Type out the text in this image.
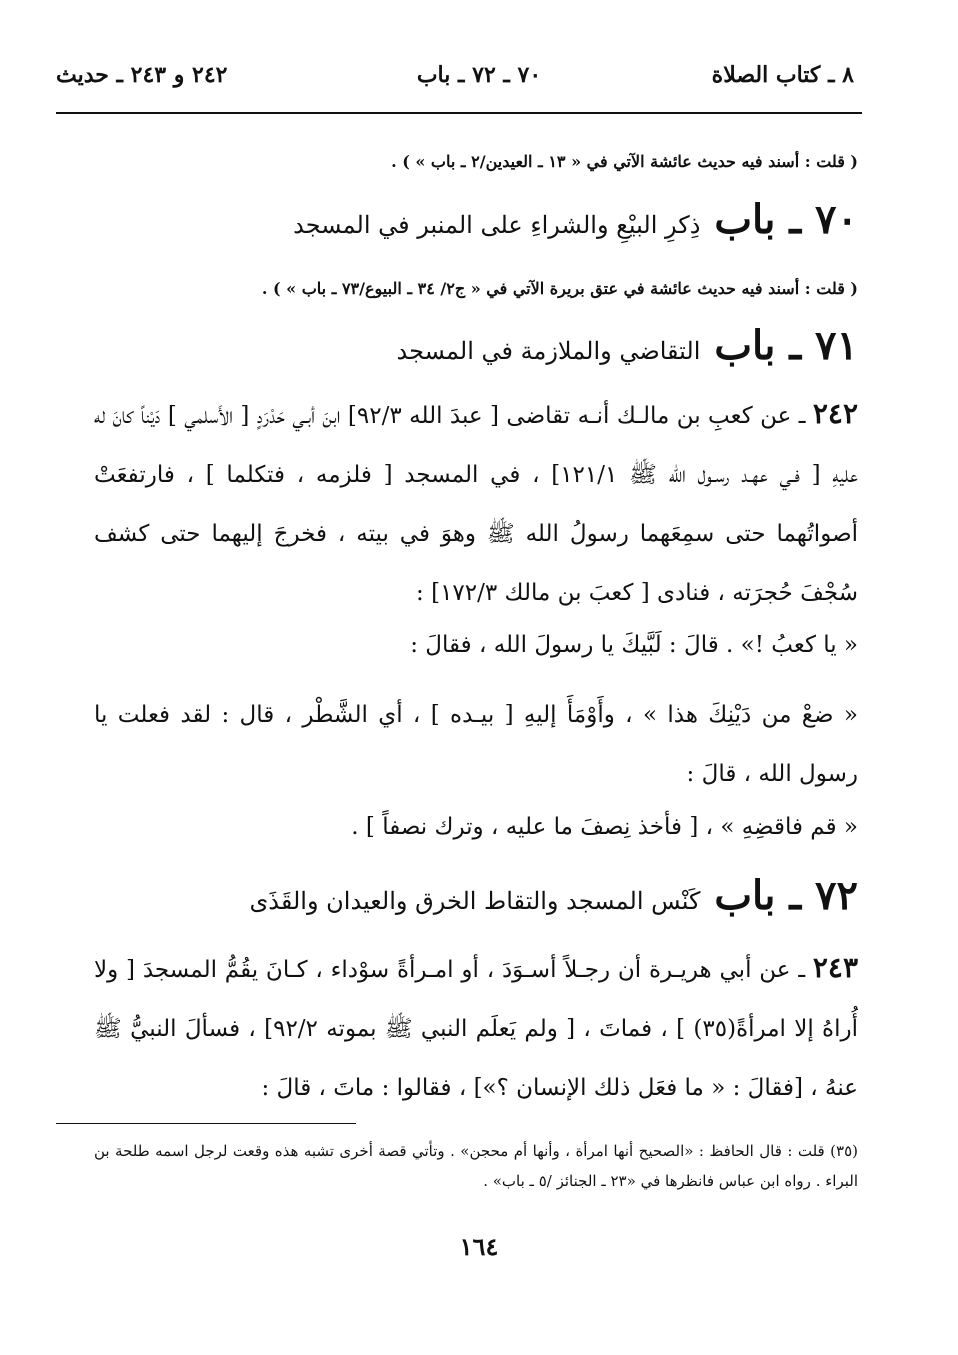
٨ ـ كتاب الصلاة
٧٠ ـ ٧٢ ـ باب
٢٤٢ و ٢٤٣ ـ حديث
( قلت : أسند فيه حديث عائشة الآتي في « ١٣ ـ العيدين/٢ ـ باب » ) .
٧٠ ـ
باب
ذِكرِ البيْعِ والشراءِ على المنبر في المسجد
( قلت : أسند فيه حديث عائشة في عتق بريرة الآتي في « ج٢/ ٣٤ ـ البيوع/٧٣ ـ باب » ) .
٧١ ـ
باب
التقاضي والملازمة في المسجد
٢٤٢ ـ عن كعبِ بن مالـك أنـه تقاضى [ عبدَ الله ٩٢/٣] ابنَ أبـي حَدْرَدٍ [ الأَسلمي ] دَيْناً كانَ له عليهِ [ فـي عهـد رسـول الله ﷺ ١٢١/١] ، في المسجد [ فلزمه ، فتكلما ] ، فارتفعَتْ أصواتُهما حتى سمِعَهما رسولُ الله ﷺ وهوَ في بيته ، فخرجَ إليهما حتى كشف سُجْفَ حُجرَته ، فنادى [ كعبَ بن مالك ١٧٢/٣] :
« يا كعبُ !» . قالَ : لَبَّيكَ يا رسولَ الله ، فقالَ :
« ضعْ من دَيْنِكَ هذا » ، وأَوْمَأَ إليهِ [ بيـده ] ، أي الشَّطْر ، قال : لقد فعلت يا رسول الله ، قالَ :
« قم فاقضِهِ » ، [ فأخذ نِصفَ ما عليه ، وترك نصفاً ] .
٧٢ ـ
باب
كَنْس المسجد والتقاط الخرق والعيدان والقَذَى
٢٤٣ ـ عن أبي هريـرة أن رجـلاً أسـوَدَ ، أو امـرأةً سوْداء ، كـانَ يقُمُّ المسجدَ [ ولا أُراهُ إلا امرأةً(٣٥) ] ، فماتَ ، [ ولم يَعلَم النبي ﷺ بموته ٩٢/٢] ، فسألَ النبيُّ ﷺ عنهُ ، [فقالَ : « ما فعَل ذلك الإنسان ؟»] ، فقالوا : ماتَ ، قالَ :
(٣٥) قلت : قال الحافظ : «الصحيح أنها امرأة ، وأنها أم محجن» . وتأتي قصة أخرى تشبه هذه وقعت لرجل اسمه طلحة بن البراء . رواه ابن عباس فانظرها في «٢٣ ـ الجنائز /٥ ـ باب» .
١٦٤
